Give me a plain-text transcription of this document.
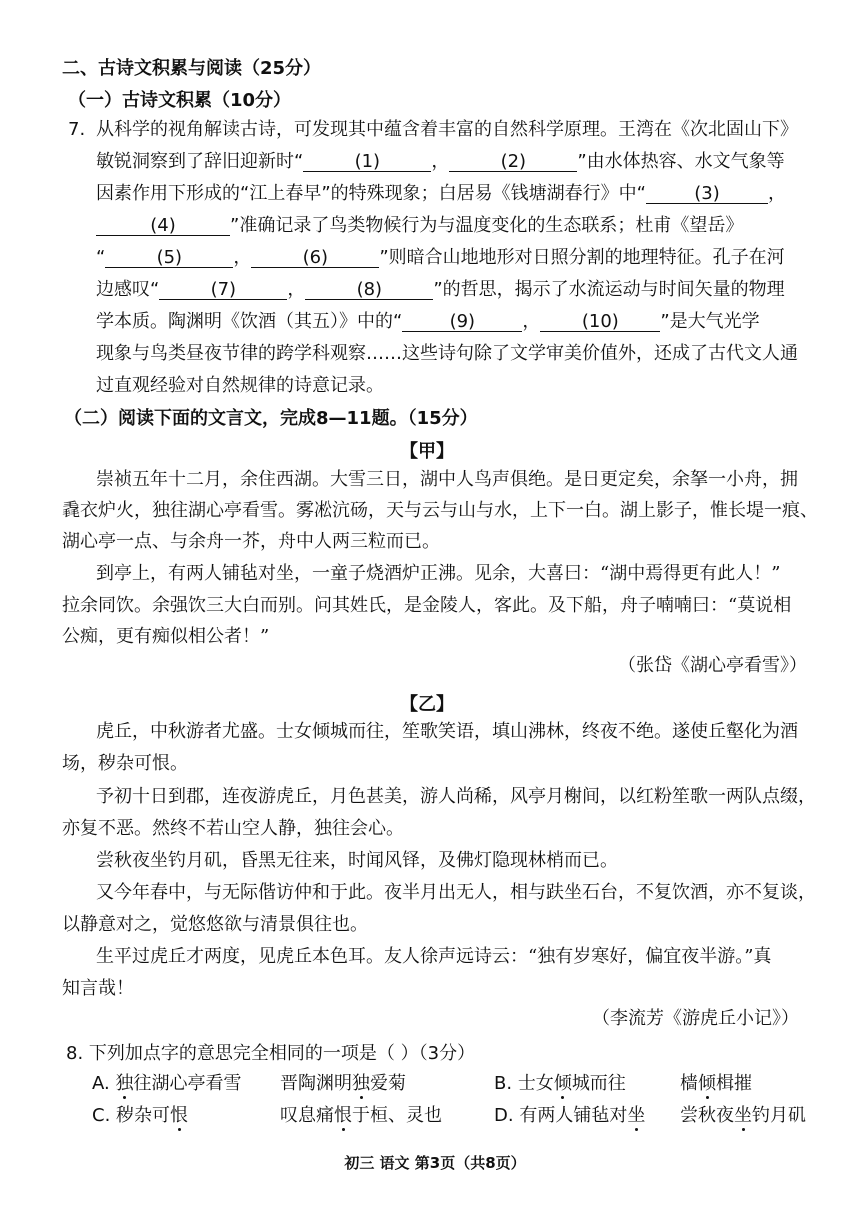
二、古诗文积累与阅读（25分）
（一）古诗文积累（10分）
7. 从科学的视角解读古诗，可发现其中蕴含着丰富的自然科学原理。王湾在《次北固山下》
敏锐洞察到了辞旧迎新时“	(1)	，	(2)	”由水体热容、水文气象等
因素作用下形成的“江上春早”的特殊现象；白居易《钱塘湖春行》中“	(3)	，
(4)	”准确记录了鸟类物候行为与温度变化的生态联系；杜甫《望岳》
“	(5)	，	(6)	”则暗合山地地形对日照分割的地理特征。孔子在河
边感叹“	(7)	，	(8)	”的哲思，揭示了水流运动与时间矢量的物理
学本质。陶渊明《饮酒（其五）》中的“	(9)	， (10) ”是大气光学
现象与鸟类昼夜节律的跨学科观察……这些诗句除了文学审美价值外，还成了古代文人通
过直观经验对自然规律的诗意记录。
（二）阅读下面的文言文，完成8—11题。（15分）
【甲】
崇祯五年十二月，余住西湖。大雪三日，湖中人鸟声俱绝。是日更定矣，余拏一小舟，拥
毳衣炉火，独往湖心亭看雪。雾凇沆砀，天与云与山与水，上下一白。湖上影子，惟长堤一痕、
湖心亭一点、与余舟一芥，舟中人两三粒而已。
到亭上，有两人铺毡对坐，一童子烧酒炉正沸。见余，大喜曰：“湖中焉得更有此人！”
拉余同饮。余强饮三大白而别。问其姓氏，是金陵人，客此。及下船，舟子喃喃曰：“莫说相
公痴，更有痴似相公者！”
（张岱《湖心亭看雪》）
【乙】
虎丘，中秋游者尤盛。士女倾城而往，笙歌笑语，填山沸林，终夜不绝。遂使丘壑化为酒
场，秽杂可恨。
予初十日到郡，连夜游虎丘，月色甚美，游人尚稀，风亭月榭间，以红粉笙歌一两队点缀，
亦复不恶。然终不若山空人静，独往会心。
尝秋夜坐钓月矶，昏黑无往来，时闻风铎，及佛灯隐现林梢而已。
又今年春中，与无际偕访仲和于此。夜半月出无人，相与趺坐石台，不复饮酒，亦不复谈，
以静意对之，觉悠悠欲与清景俱往也。
生平过虎丘才两度，见虎丘本色耳。友人徐声远诗云：“独有岁寒好，偏宜夜半游。”真
知言哉！
（李流芳《游虎丘小记》）
8. 下列加点字的意思完全相同的一项是（ ）（3分）
A. 独往湖心亭看雪 晋陶渊明独爱菊	B. 士女倾城而往	樯倾楫摧
C. 秽杂可恨	叹息痛恨于桓、灵也	D. 有两人铺毡对坐 尝秋夜坐钓月矶
初三 语文 第3页（共8页）
